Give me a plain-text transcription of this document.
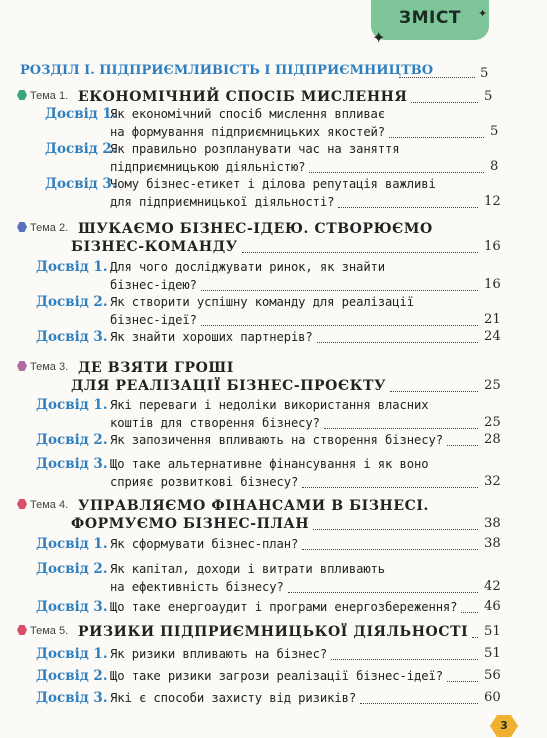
ЗМІСТ
✦
✦
РОЗДІЛ І. ПІДПРИЄМЛИВІСТЬ І ПІДПРИЄМНИЦТВО	5
Тема 1. ЕКОНОМІЧНИЙ СПОСІБ МИСЛЕННЯ	5
Досвід 1.
Як економічний спосіб мислення впливає
на формування підприємницьких якостей?	5
Досвід 2.
Як правильно розпланувати час на заняття
підприємницькою діяльністю?	8
Досвід 3.
Чому бізнес-етикет і ділова репутація важливі
для підприємницької діяльності?	12
Тема 2. ШУКАЄМО БІЗНЕС-ІДЕЮ. СТВОРЮЄМО
БІЗНЕС-КОМАНДУ	16
Досвід 1. Для чого досліджувати ринок, як знайти
бізнес-ідею?	16
Досвід 2. Як створити успішну команду для реалізації
бізнес-ідеї?	21
Досвід 3. Як знайти хороших партнерів?	24
Тема 3. ДЕ ВЗЯТИ ГРОШІ
ДЛЯ РЕАЛІЗАЦІЇ БІЗНЕС-ПРОЄКТУ	25
Досвід 1. Які переваги і недоліки використання власних
коштів для створення бізнесу?	25
Досвід 2. Як запозичення впливають на створення бізнесу?	28
Досвід 3. Що таке альтернативне фінансування і як воно
сприяє розвиткові бізнесу?	32
Тема 4. УПРАВЛЯЄМО ФІНАНСАМИ В БІЗНЕСІ.
ФОРМУЄМО БІЗНЕС-ПЛАН	38
Досвід 1. Як сформувати бізнес-план?	38
Досвід 2. Як капітал, доходи і витрати впливають
на ефективність бізнесу?	42
Досвід 3. Що таке енергоаудит і програми енергозбереження? 46
Тема 5. РИЗИКИ ПІДПРИЄМНИЦЬКОЇ ДІЯЛЬНОСТІ 51
Досвід 1. Як ризики впливають на бізнес?	51
Досвід 2. Що таке ризики загрози реалізації бізнес-ідеї?	56
Досвід 3. Які є способи захисту від ризиків?	60
3
